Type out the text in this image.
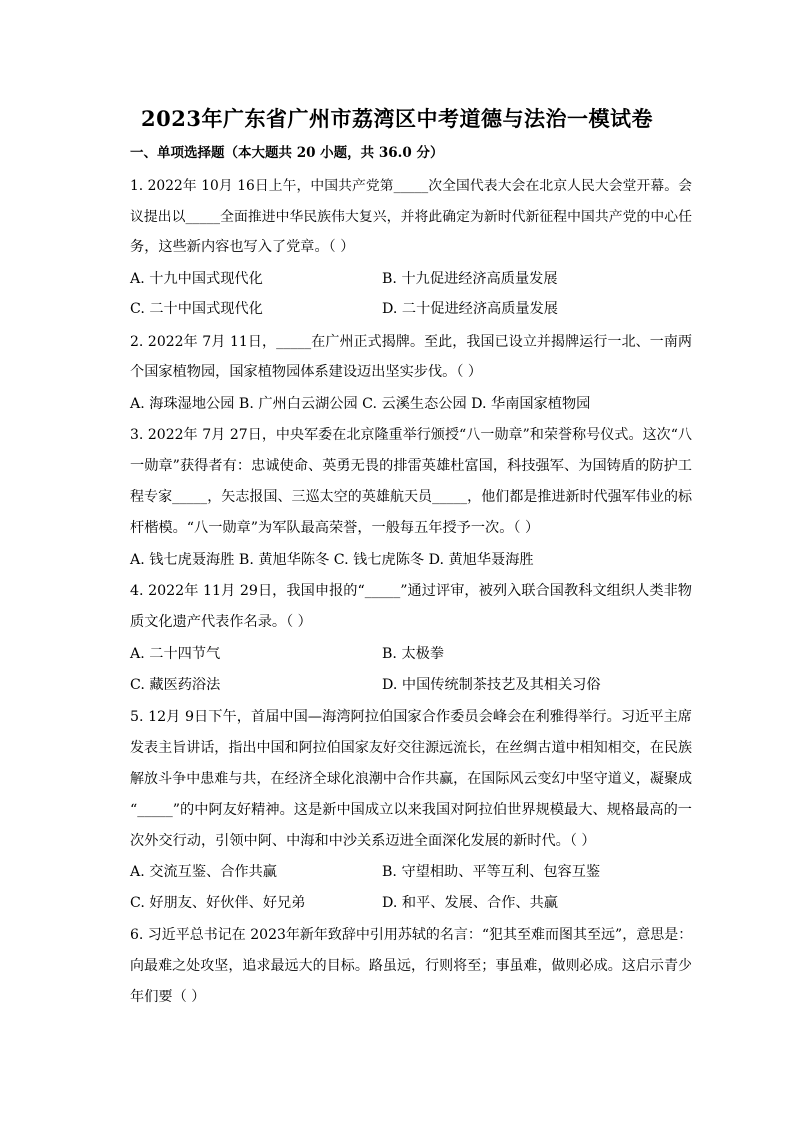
2023年广东省广州市荔湾区中考道德与法治一模试卷
一、单项选择题（本大题共 20 小题，共 36.0 分）
1. 2022年 10月 16日上午，中国共产党第_____次全国代表大会在北京人民大会堂开幕。会
议提出以_____全面推进中华民族伟大复兴，并将此确定为新时代新征程中国共产党的中心任
务，这些新内容也写入了党章。（ ）
A. 十九中国式现代化	B. 十九促进经济高质量发展
C. 二十中国式现代化	D. 二十促进经济高质量发展
2. 2022年 7月 11日，_____在广州正式揭牌。至此，我国已设立并揭牌运行一北、一南两
个国家植物园，国家植物园体系建设迈出坚实步伐。（ ）
A. 海珠湿地公园 B. 广州白云湖公园 C. 云溪生态公园 D. 华南国家植物园
3. 2022年 7月 27日，中央军委在北京隆重举行颁授“八一勋章”和荣誉称号仪式。这次“八
一勋章”获得者有：忠诚使命、英勇无畏的排雷英雄杜富国，科技强军、为国铸盾的防护工
程专家_____，矢志报国、三巡太空的英雄航天员_____，他们都是推进新时代强军伟业的标
杆楷模。“八一勋章”为军队最高荣誉，一般每五年授予一次。（ ）
A. 钱七虎聂海胜 B. 黄旭华陈冬 C. 钱七虎陈冬 D. 黄旭华聂海胜
4. 2022年 11月 29日，我国申报的“_____”通过评审，被列入联合国教科文组织人类非物
质文化遗产代表作名录。（ ）
A. 二十四节气	B. 太极拳
C. 藏医药浴法	D. 中国传统制茶技艺及其相关习俗
5. 12月 9日下午，首届中国—海湾阿拉伯国家合作委员会峰会在利雅得举行。习近平主席
发表主旨讲话，指出中国和阿拉伯国家友好交往源远流长，在丝绸古道中相知相交，在民族
解放斗争中患难与共，在经济全球化浪潮中合作共赢，在国际风云变幻中坚守道义，凝聚成
“_____”的中阿友好精神。这是新中国成立以来我国对阿拉伯世界规模最大、规格最高的一
次外交行动，引领中阿、中海和中沙关系迈进全面深化发展的新时代。（ ）
A. 交流互鉴、合作共赢	B. 守望相助、平等互利、包容互鉴
C. 好朋友、好伙伴、好兄弟	D. 和平、发展、合作、共赢
6. 习近平总书记在 2023年新年致辞中引用苏轼的名言：“犯其至难而图其至远”，意思是：
向最难之处攻坚，追求最远大的目标。路虽远，行则将至；事虽难，做则必成。这启示青少
年们要（ ）
